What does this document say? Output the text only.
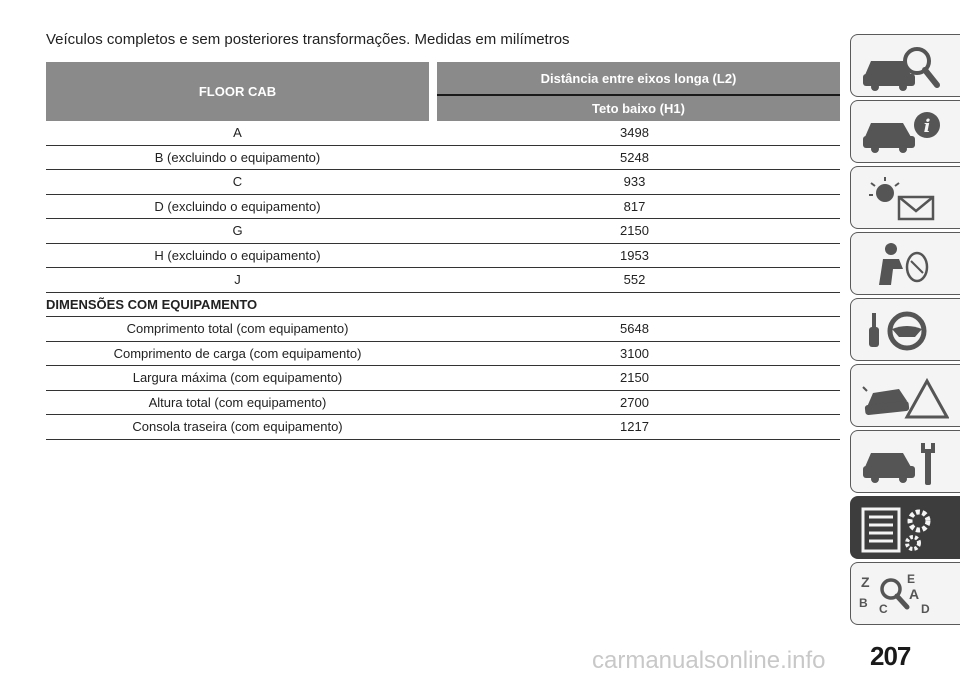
Veículos completos e sem posteriores transformações. Medidas em milímetros
FLOOR CAB
Distância entre eixos longa (L2)
Teto baixo (H1)
A	3498
B (excluindo o equipamento)	5248
C	933
D (excluindo o equipamento)	817
G	2150
H (excluindo o equipamento)	1953
J	552
DIMENSÕES COM EQUIPAMENTO
Comprimento total (com equipamento)	5648
Comprimento de carga (com equipamento)	3100
Largura máxima (com equipamento)	2150
Altura total (com equipamento)	2700
Consola traseira (com equipamento)	1217
i
Z	E
A
B C	D
207
carmanualsonline.info
